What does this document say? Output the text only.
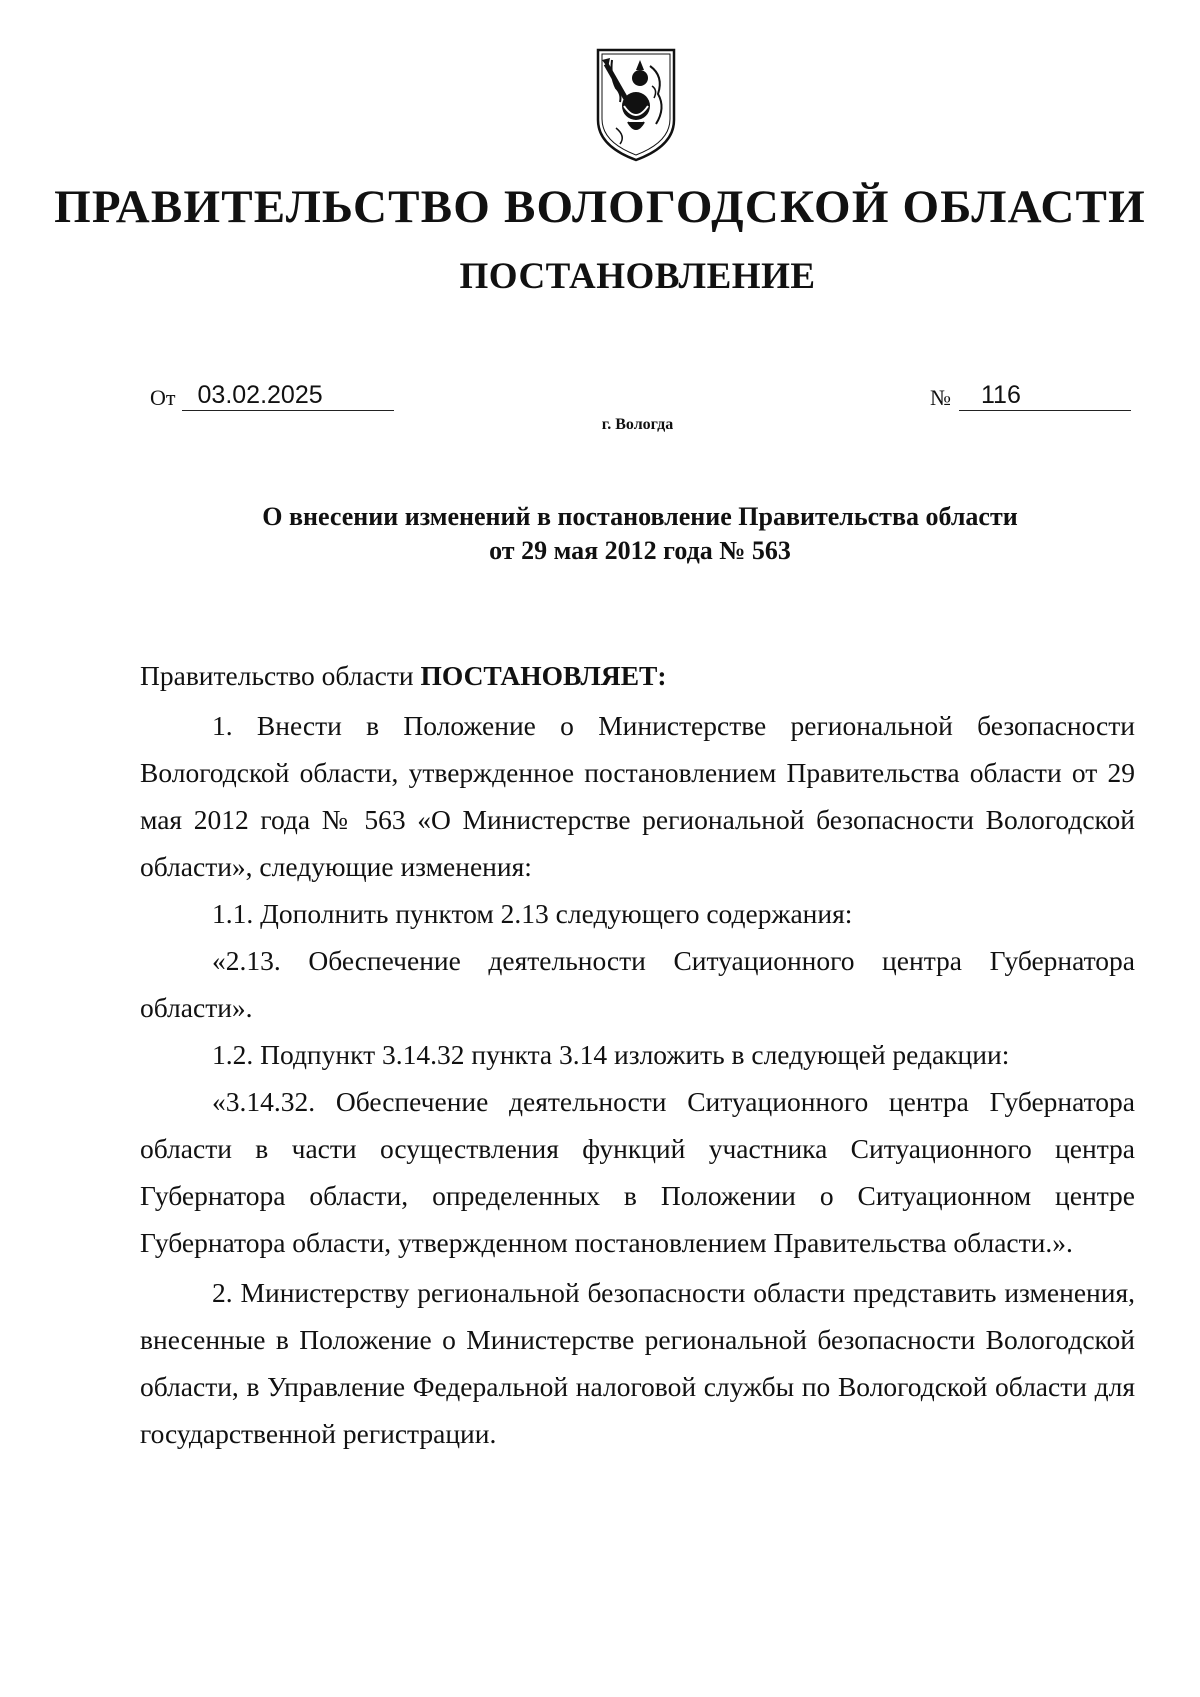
ПРАВИТЕЛЬСТВО ВОЛОГОДСКОЙ ОБЛАСТИ
ПОСТАНОВЛЕНИЕ
От 03.02.2025	№ 116
г. Вологда
О внесении изменений в постановление Правительства области
от 29 мая 2012 года № 563

Правительство области ПОСТАНОВЛЯЕТ:

1. Внести в Положение о Министерстве региональной безопасности Вологодской области, утвержденное постановлением Правительства области от 29 мая 2012 года № 563 «О Министерстве региональной безопасности Вологодской области», следующие изменения:

1.1. Дополнить пунктом 2.13 следующего содержания:

«2.13. Обеспечение деятельности Ситуационного центра Губернатора области».

1.2. Подпункт 3.14.32 пункта 3.14 изложить в следующей редакции:

«3.14.32. Обеспечение деятельности Ситуационного центра Губернатора области в части осуществления функций участника Ситуационного центра Губернатора области, определенных в Положении о Ситуационном центре Губернатора области, утвержденном постановлением Правительства области.».

2. Министерству региональной безопасности области представить изменения, внесенные в Положение о Министерстве региональной безопасности Вологодской области, в Управление Федеральной налоговой службы по Вологодской области для государственной регистрации.
